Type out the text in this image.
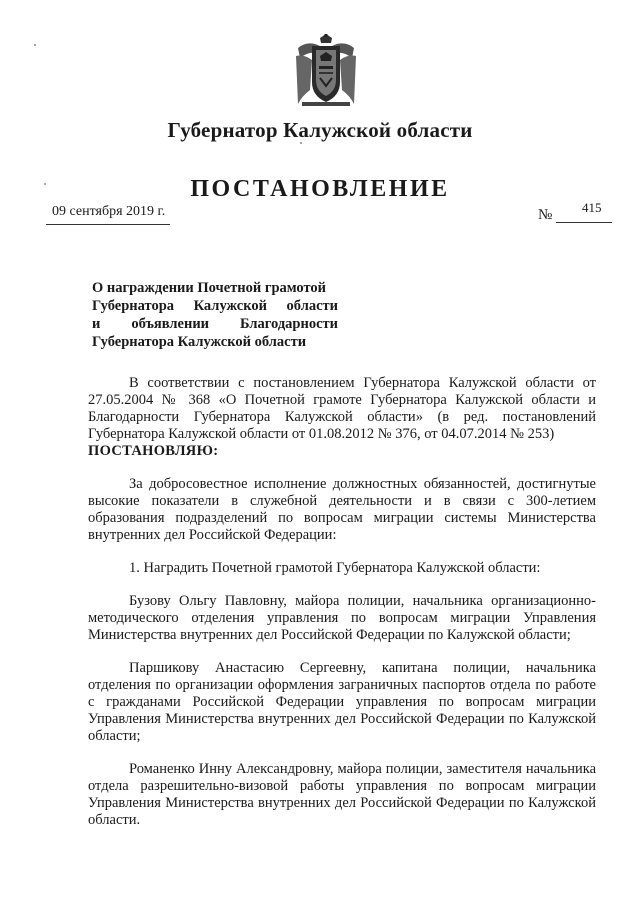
Губернатор Калужской области
ПОСТАНОВЛЕНИЕ
09 сентября 2019 г.	№ 415
О награждении Почетной грамотой
Губернатора Калужской области
и объявлении Благодарности
Губернатора Калужской области

В соответствии с постановлением Губернатора Калужской области от 27.05.2004 № 368 «О Почетной грамоте Губернатора Калужской области и Благодарности Губернатора Калужской области» (в ред. постановлений Губернатора Калужской области от 01.08.2012 № 376, от 04.07.2014 № 253)
ПОСТАНОВЛЯЮ:

За добросовестное исполнение должностных обязанностей, достигнутые высокие показатели в служебной деятельности и в связи с 300-летием образования подразделений по вопросам миграции системы Министерства внутренних дел Российской Федерации:

1. Наградить Почетной грамотой Губернатора Калужской области:

Бузову Ольгу Павловну, майора полиции, начальника организационно-методического отделения управления по вопросам миграции Управления Министерства внутренних дел Российской Федерации по Калужской области;

Паршикову Анастасию Сергеевну, капитана полиции, начальника отделения по организации оформления заграничных паспортов отдела по работе с гражданами Российской Федерации управления по вопросам миграции Управления Министерства внутренних дел Российской Федерации по Калужской области;

Романенко Инну Александровну, майора полиции, заместителя начальника отдела разрешительно-визовой работы управления по вопросам миграции Управления Министерства внутренних дел Российской Федерации по Калужской области.
